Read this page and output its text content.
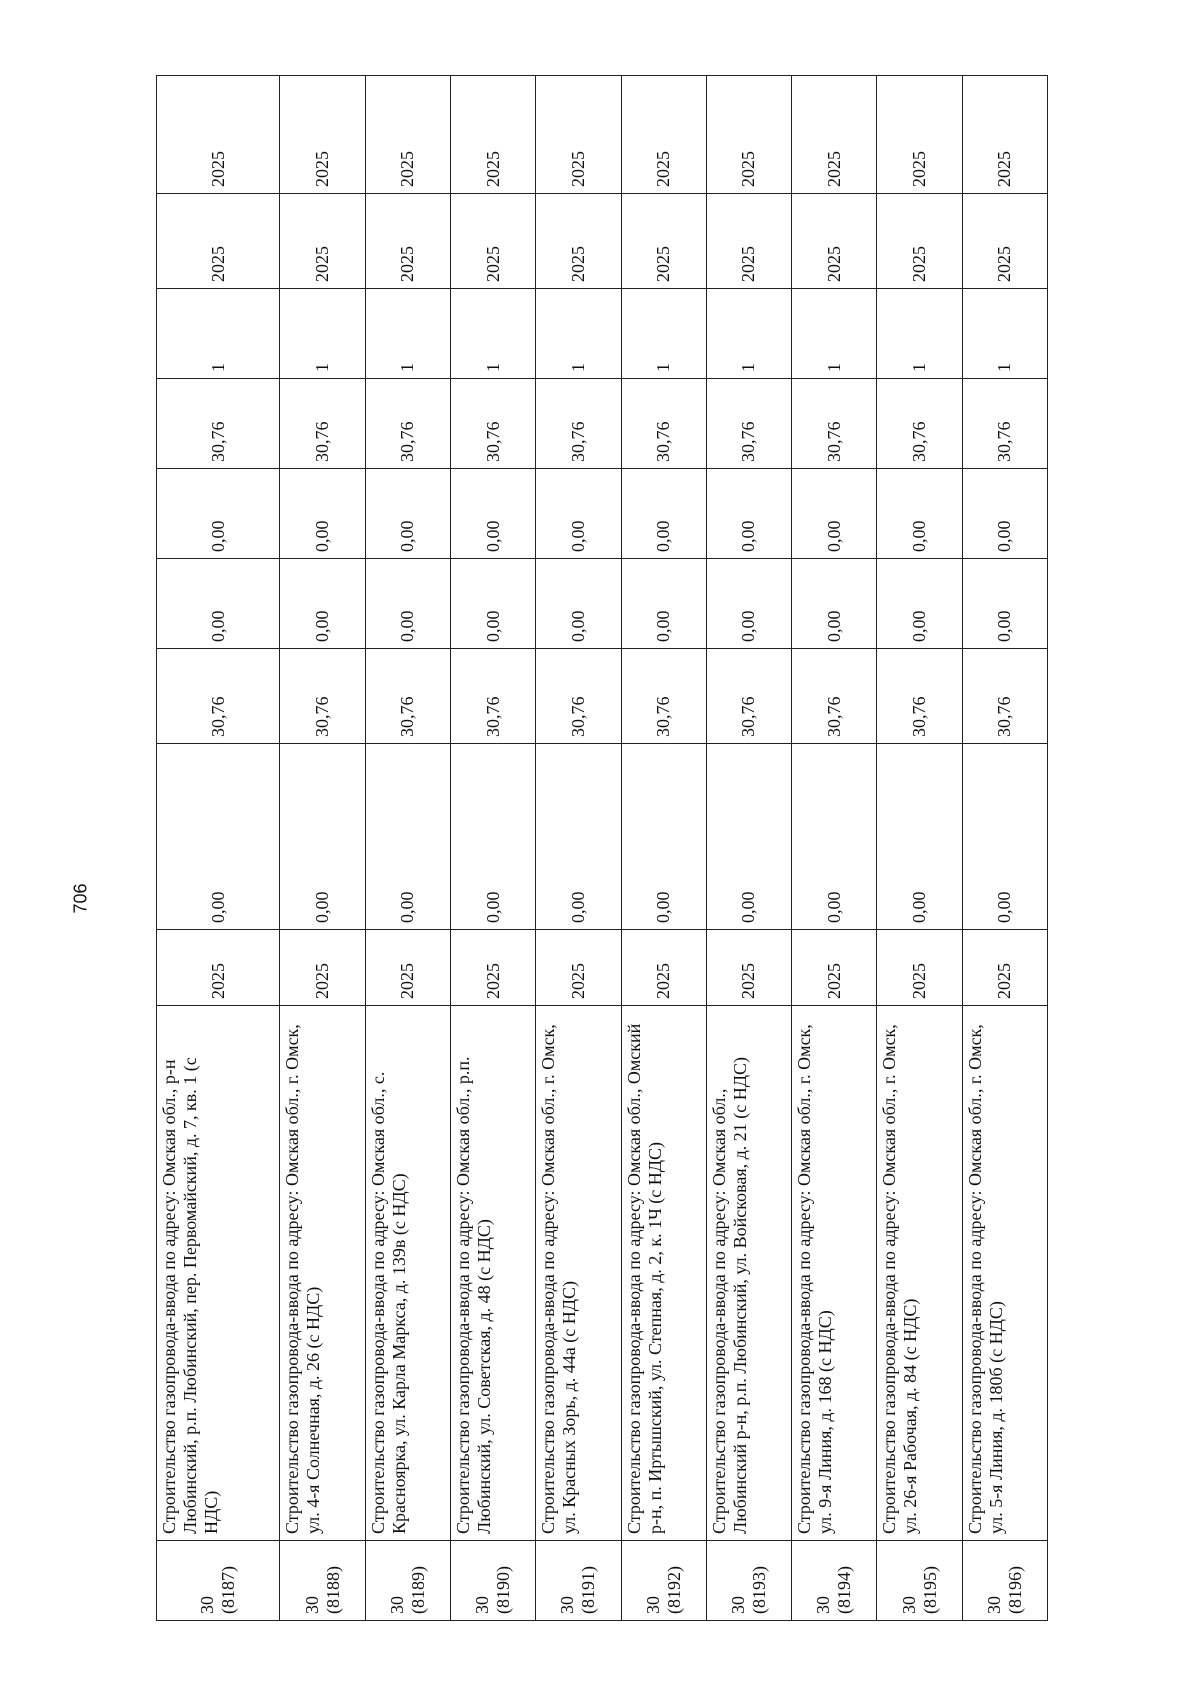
706
30 (8187)	Строительство газопровода-ввода по адресу: Омская обл., р-н Любинский, р.п. Любинский, пер. Первомайский, д. 7, кв. 1 (с НДС)	2025	0,00	30,76	0,00	0,00	30,76	1	2025	2025

30 (8188)	Строительство газопровода-ввода по адресу: Омская обл., г. Омск, ул. 4-я Солнечная, д. 26 (с НДС)	2025	0,00	30,76	0,00	0,00	30,76	1	2025	2025

30 (8189)	Строительство газопровода-ввода по адресу: Омская обл., с. Красноярка, ул. Карла Маркса, д. 139в (с НДС)	2025	0,00	30,76	0,00	0,00	30,76	1	2025	2025

30 (8190)	Строительство газопровода-ввода по адресу: Омская обл., р.п. Любинский, ул. Советская, д. 48 (с НДС)	2025	0,00	30,76	0,00	0,00	30,76	1	2025	2025

30 (8191)	Строительство газопровода-ввода по адресу: Омская обл., г. Омск, ул. Красных Зорь, д. 44а (с НДС)	2025	0,00	30,76	0,00	0,00	30,76	1	2025	2025

30 (8192)	Строительство газопровода-ввода по адресу: Омская обл., Омский р-н, п. Иртышский, ул. Степная, д. 2, к. 1Ч (с НДС)	2025	0,00	30,76	0,00	0,00	30,76	1	2025	2025

30 (8193)	Строительство газопровода-ввода по адресу: Омская обл., Любинский р-н, р.п. Любинский, ул. Войсковая, д. 21 (с НДС)	2025	0,00	30,76	0,00	0,00	30,76	1	2025	2025

30 (8194)	Строительство газопровода-ввода по адресу: Омская обл., г. Омск, ул. 9-я Линия, д. 168 (с НДС)	2025	0,00	30,76	0,00	0,00	30,76	1	2025	2025

30 (8195)	Строительство газопровода-ввода по адресу: Омская обл., г. Омск, ул. 26-я Рабочая, д. 84 (с НДС)	2025	0,00	30,76	0,00	0,00	30,76	1	2025	2025

30 (8196)	Строительство газопровода-ввода по адресу: Омская обл., г. Омск, ул. 5-я Линия, д. 180б (с НДС)	2025	0,00	30,76	0,00	0,00	30,76	1	2025	2025
